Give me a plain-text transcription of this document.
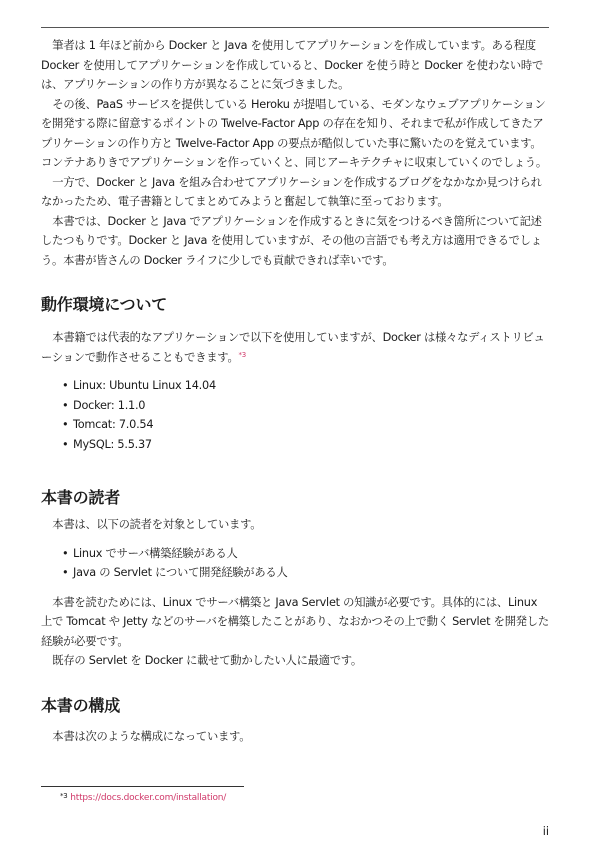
筆者は 1 年ほど前から Docker と Java を使用してアプリケーションを作成しています。ある程度 Docker を使用してアプリケーションを作成していると、Docker を使う時と Docker を使わない時では、アプリケーションの作り方が異なることに気づきました。

その後、PaaS サービスを提供している Heroku が提唱している、モダンなウェブアプリケーションを開発する際に留意するポイントの Twelve-Factor App の存在を知り、それまで私が作成してきたアプリケーションの作り方と Twelve-Factor App の要点が酷似していた事に驚いたのを覚えています。コンテナありきでアプリケーションを作っていくと、同じアーキテクチャに収束していくのでしょう。

一方で、Docker と Java を組み合わせてアプリケーションを作成するブログをなかなか見つけられなかったため、電子書籍としてまとめてみようと奮起して執筆に至っております。

本書では、Docker と Java でアプリケーションを作成するときに気をつけるべき箇所について記述したつもりです。Docker と Java を使用していますが、その他の言語でも考え方は適用できるでしょう。本書が皆さんの Docker ライフに少しでも貢献できれば幸いです。

動作環境について

本書籍では代表的なアプリケーションで以下を使用していますが、Docker は様々なディストリビューションで動作させることもできます。$^{*3}$

• Linux: Ubuntu Linux 14.04
• Docker: 1.1.0
• Tomcat: 7.0.54
• MySQL: 5.5.37
本書の読者

本書は、以下の読者を対象としています。

• Linux でサーバ構築経験がある人
• Java の Servlet について開発経験がある人

本書を読むためには、Linux でサーバ構築と Java Servlet の知識が必要です。具体的には、Linux 上で Tomcat や Jetty などのサーバを構築したことがあり、なおかつその上で動く Servlet を開発した経験が必要です。

既存の Servlet を Docker に載せて動かしたい人に最適です。

本書の構成

本書は次のような構成になっています。

$^{*3}$ https://docs.docker.com/installation/
ii
